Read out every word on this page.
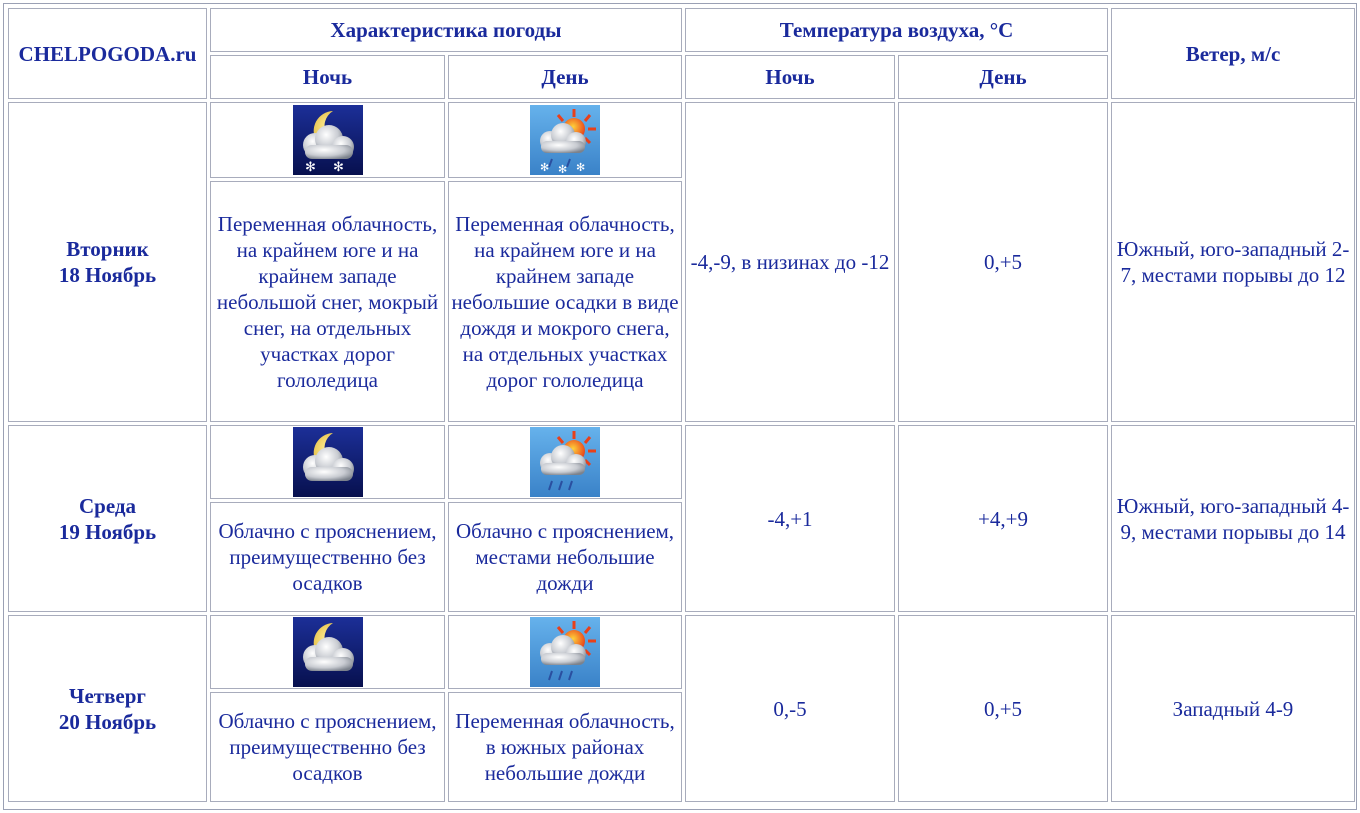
CHELPOGODA.ru	Характеристика погоды		Температура воздуха, °C		Ветер, м/с
	Ночь	День	Ночь	День	
Вторник
18 Ноябрь	✻ ✻	✻ ✻ ✻	-4,-9, в низинах до -12	0,+5	Южный, юго-западный 2-7, местами порывы до 12
	Переменная облачность, на крайнем юге и на крайнем западе небольшой снег, мокрый снег, на отдельных участках дорог гололедица	Переменная облачность, на крайнем юге и на крайнем западе небольшие осадки в виде дождя и мокрого снега, на отдельных участках дорог гололедица			
Среда
19 Ноябрь			-4,+1	+4,+9	Южный, юго-западный 4-9, местами порывы до 14
	Облачно с прояснением, преимущественно без осадков	Облачно с прояснением, местами небольшие дожди			
Четверг
20 Ноябрь			0,-5	0,+5	Западный 4-9
	Облачно с прояснением, преимущественно без осадков	Переменная облачность, в южных районах небольшие дожди			
